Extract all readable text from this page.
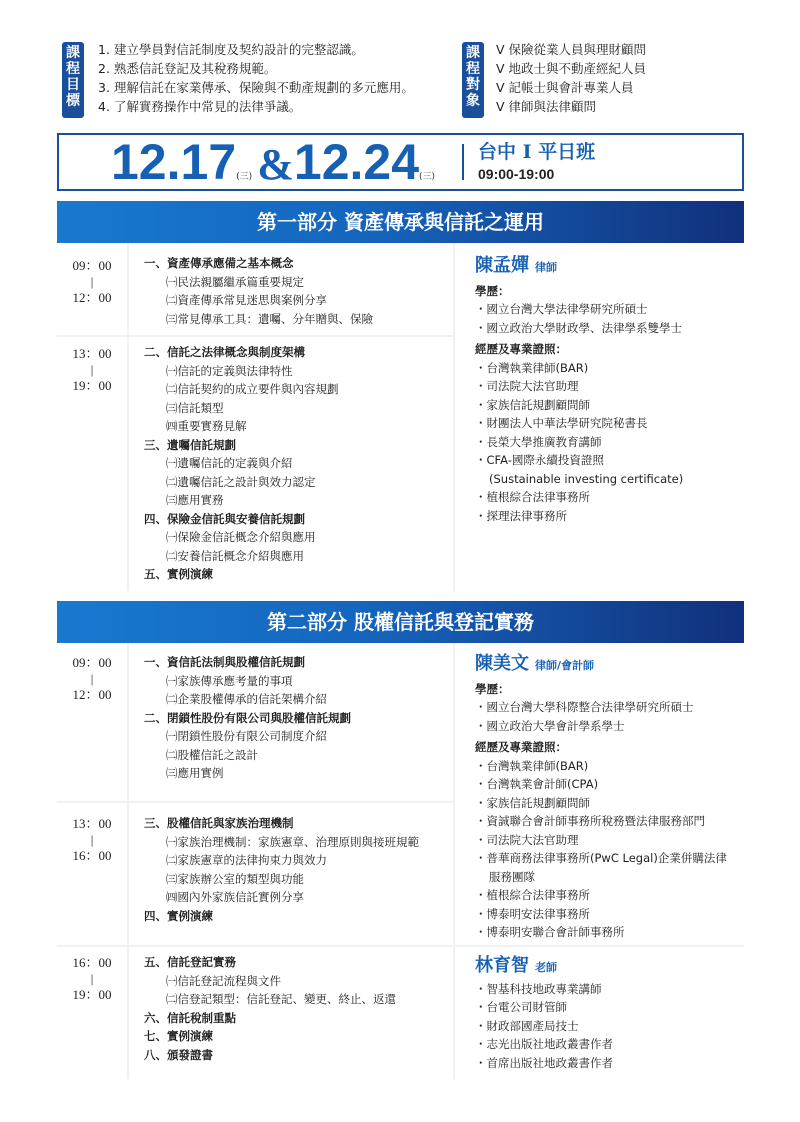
課程目標
1. 建立學員對信託制度及契約設計的完整認識。
2. 熟悉信託登記及其稅務規範。
3. 理解信託在家業傳承、保險與不動產規劃的多元應用。
4. 了解實務操作中常見的法律爭議。
課程對象
V 保險從業人員與理財顧問
V 地政士與不動產經紀人員
V 記帳士與會計專業人員
V 律師與法律顧問
12.17(三) &12.24(三)
台中 I 平日班
09:00-19:00
第一部分 資產傳承與信託之運用
09：00
|
12：00
13：00
|
19：00
一、資產傳承應備之基本概念
㈠民法親屬繼承篇重要規定
㈡資產傳承常見迷思與案例分享
㈢常見傳承工具：遺囑、分年贈與、保險
二、信託之法律概念與制度架構
㈠信託的定義與法律特性
㈡信託契約的成立要件與內容規劃
㈢信託類型
㈣重要實務見解
三、遺囑信託規劃
㈠遺囑信託的定義與介紹
㈡遺囑信託之設計與效力認定
㈢應用實務
四、保險金信託與安養信託規劃
㈠保險金信託概念介紹與應用
㈡安養信託概念介紹與應用
五、實例演練
陳孟嬋 律師
學歷：
・國立台灣大學法律學研究所碩士
・國立政治大學財政學、法律學系雙學士
經歷及專業證照：
・台灣執業律師(BAR)
・司法院大法官助理
・家族信託規劃顧問師
・財團法人中華法學研究院秘書長
・長榮大學推廣教育講師
・CFA-國際永續投資證照
(Sustainable investing certificate)
・植根綜合法律事務所
・探理法律事務所
第二部分 股權信託與登記實務
09：00
|
12：00
13：00
|
16：00
16：00
|
19：00
一、資信託法制與股權信託規劃
㈠家族傳承應考量的事項
㈡企業股權傳承的信託架構介紹
二、閉鎖性股份有限公司與股權信託規劃
㈠閉鎖性股份有限公司制度介紹
㈡股權信託之設計
㈢應用實例
三、股權信託與家族治理機制
㈠家族治理機制：家族憲章、治理原則與接班規範
㈡家族憲章的法律拘束力與效力
㈢家族辦公室的類型與功能
㈣國內外家族信託實例分享
四、實例演練
五、信託登記實務
㈠信託登記流程與文件
㈡信登記類型：信託登記、變更、終止、返還
六、信託稅制重點
七、實例演練
八、頒發證書
陳美文 律師/會計師
學歷：
・國立台灣大學科際整合法律學研究所碩士
・國立政治大學會計學系學士
經歷及專業證照：
・台灣執業律師(BAR)
・台灣執業會計師(CPA)
・家族信託規劃顧問師
・資誠聯合會計師事務所稅務暨法律服務部門
・司法院大法官助理
・普華商務法律事務所(PwC Legal)企業併購法律
服務團隊
・植根綜合法律事務所
・博泰明安法律事務所
・博泰明安聯合會計師事務所
林育智 老師
・智基科技地政專業講師
・台電公司財管師
・財政部國產局技士
・志光出版社地政叢書作者
・首席出版社地政叢書作者
